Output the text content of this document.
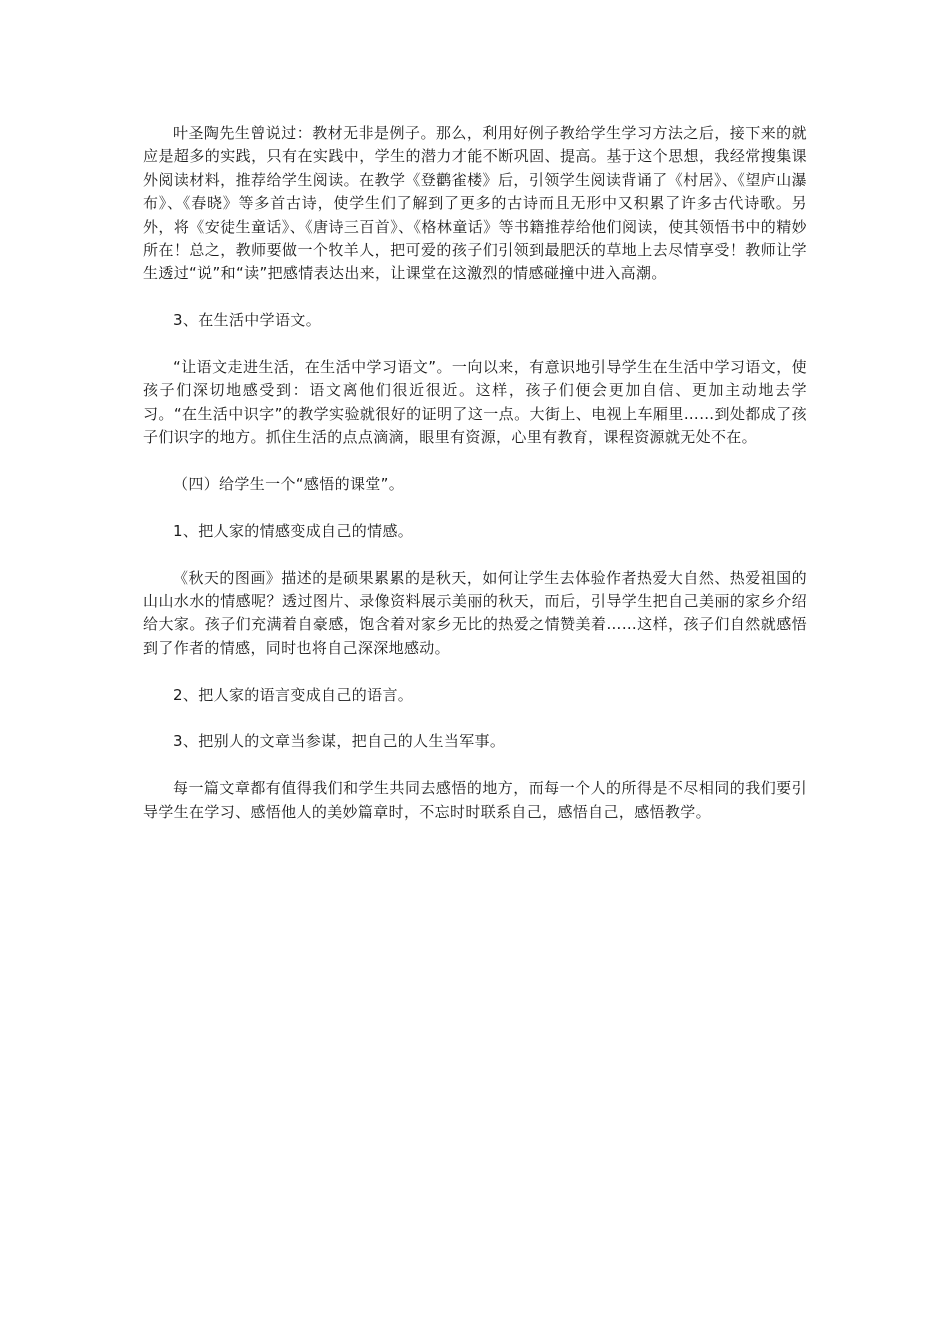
叶圣陶先生曾说过：教材无非是例子。那么，利用好例子教给学生学习方法之后，接下来的就应是超多的实践，只有在实践中，学生的潜力才能不断巩固、提高。基于这个思想，我经常搜集课外阅读材料，推荐给学生阅读。在教学《登鹳雀楼》后，引领学生阅读背诵了《村居》、《望庐山瀑布》、《春晓》等多首古诗，使学生们了解到了更多的古诗而且无形中又积累了许多古代诗歌。另外，将《安徒生童话》、《唐诗三百首》、《格林童话》等书籍推荐给他们阅读，使其领悟书中的精妙所在！总之，教师要做一个牧羊人，把可爱的孩子们引领到最肥沃的草地上去尽情享受！教师让学生透过“说”和“读”把感情表达出来，让课堂在这激烈的情感碰撞中进入高潮。

3、在生活中学语文。

“让语文走进生活，在生活中学习语文”。一向以来，有意识地引导学生在生活中学习语文，使孩子们深切地感受到：语文离他们很近很近。这样，孩子们便会更加自信、更加主动地去学习。“在生活中识字”的教学实验就很好的证明了这一点。大街上、电视上车厢里……到处都成了孩子们识字的地方。抓住生活的点点滴滴，眼里有资源，心里有教育，课程资源就无处不在。

（四）给学生一个“感悟的课堂”。

1、把人家的情感变成自己的情感。

《秋天的图画》描述的是硕果累累的是秋天，如何让学生去体验作者热爱大自然、热爱祖国的山山水水的情感呢？透过图片、录像资料展示美丽的秋天，而后，引导学生把自己美丽的家乡介绍给大家。孩子们充满着自豪感，饱含着对家乡无比的热爱之情赞美着……这样，孩子们自然就感悟到了作者的情感，同时也将自己深深地感动。

2、把人家的语言变成自己的语言。

3、把别人的文章当参谋，把自己的人生当军事。

每一篇文章都有值得我们和学生共同去感悟的地方，而每一个人的所得是不尽相同的我们要引导学生在学习、感悟他人的美妙篇章时，不忘时时联系自己，感悟自己，感悟教学。
